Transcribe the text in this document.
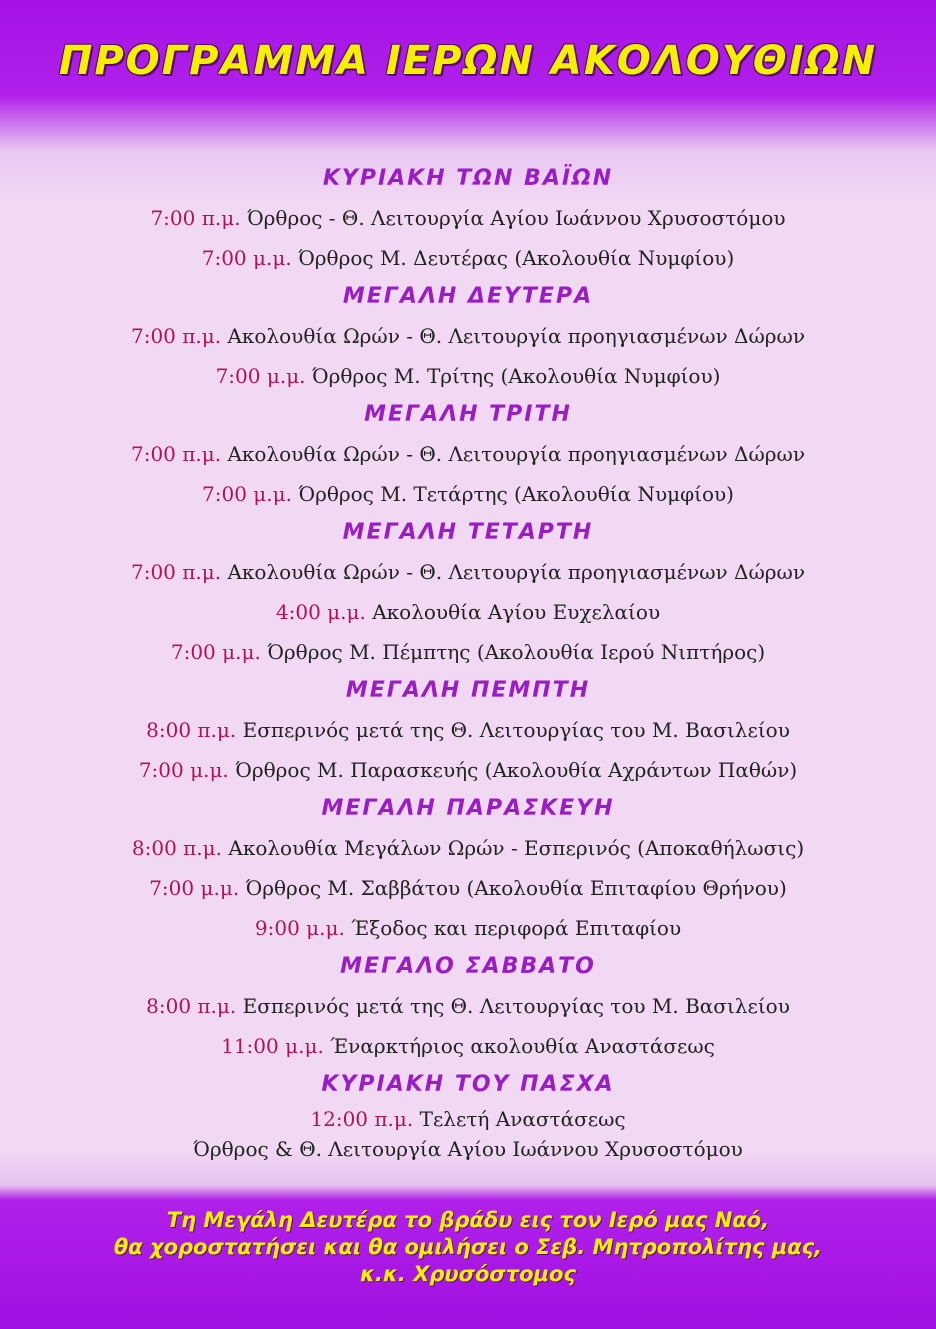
ΠΡΟΓΡΑΜΜΑ ΙΕΡΩΝ ΑΚΟΛΟΥΘΙΩΝ
ΚΥΡΙΑΚΗ ΤΩΝ ΒΑΪΩΝ
7:00 π.μ. Όρθρος - Θ. Λειτουργία Αγίου Ιωάννου Χρυσοστόμου
7:00 μ.μ. Όρθρος Μ. Δευτέρας (Ακολουθία Νυμφίου)
ΜΕΓΑΛΗ ΔΕΥΤΕΡΑ
7:00 π.μ. Ακολουθία Ωρών - Θ. Λειτουργία προηγιασμένων Δώρων
7:00 μ.μ. Όρθρος Μ. Τρίτης (Ακολουθία Νυμφίου)
ΜΕΓΑΛΗ ΤΡΙΤΗ
7:00 π.μ. Ακολουθία Ωρών - Θ. Λειτουργία προηγιασμένων Δώρων
7:00 μ.μ. Όρθρος Μ. Τετάρτης (Ακολουθία Νυμφίου)
ΜΕΓΑΛΗ ΤΕΤΑΡΤΗ
7:00 π.μ. Ακολουθία Ωρών - Θ. Λειτουργία προηγιασμένων Δώρων
4:00 μ.μ. Ακολουθία Αγίου Ευχελαίου
7:00 μ.μ. Όρθρος Μ. Πέμπτης (Ακολουθία Ιερού Νιπτήρος)
ΜΕΓΑΛΗ ΠΕΜΠΤΗ
8:00 π.μ. Εσπερινός μετά της Θ. Λειτουργίας του Μ. Βασιλείου
7:00 μ.μ. Όρθρος Μ. Παρασκευής (Ακολουθία Αχράντων Παθών)
ΜΕΓΑΛΗ ΠΑΡΑΣΚΕΥΗ
8:00 π.μ. Ακολουθία Μεγάλων Ωρών - Εσπερινός (Αποκαθήλωσις)
7:00 μ.μ. Όρθρος Μ. Σαββάτου (Ακολουθία Επιταφίου Θρήνου)
9:00 μ.μ. Έξοδος και περιφορά Επιταφίου
ΜΕΓΑΛΟ ΣΑΒΒΑΤΟ
8:00 π.μ. Εσπερινός μετά της Θ. Λειτουργίας του Μ. Βασιλείου
11:00 μ.μ. Έναρκτήριος ακολουθία Αναστάσεως
ΚΥΡΙΑΚΗ ΤΟΥ ΠΑΣΧΑ
12:00 π.μ. Τελετή Αναστάσεως
Όρθρος & Θ. Λειτουργία Αγίου Ιωάννου Χρυσοστόμου
Τη Μεγάλη Δευτέρα το βράδυ εις τον Ιερό μας Ναό,
θα χοροστατήσει και θα ομιλήσει ο Σεβ. Μητροπολίτης μας,
κ.κ. Χρυσόστομος
